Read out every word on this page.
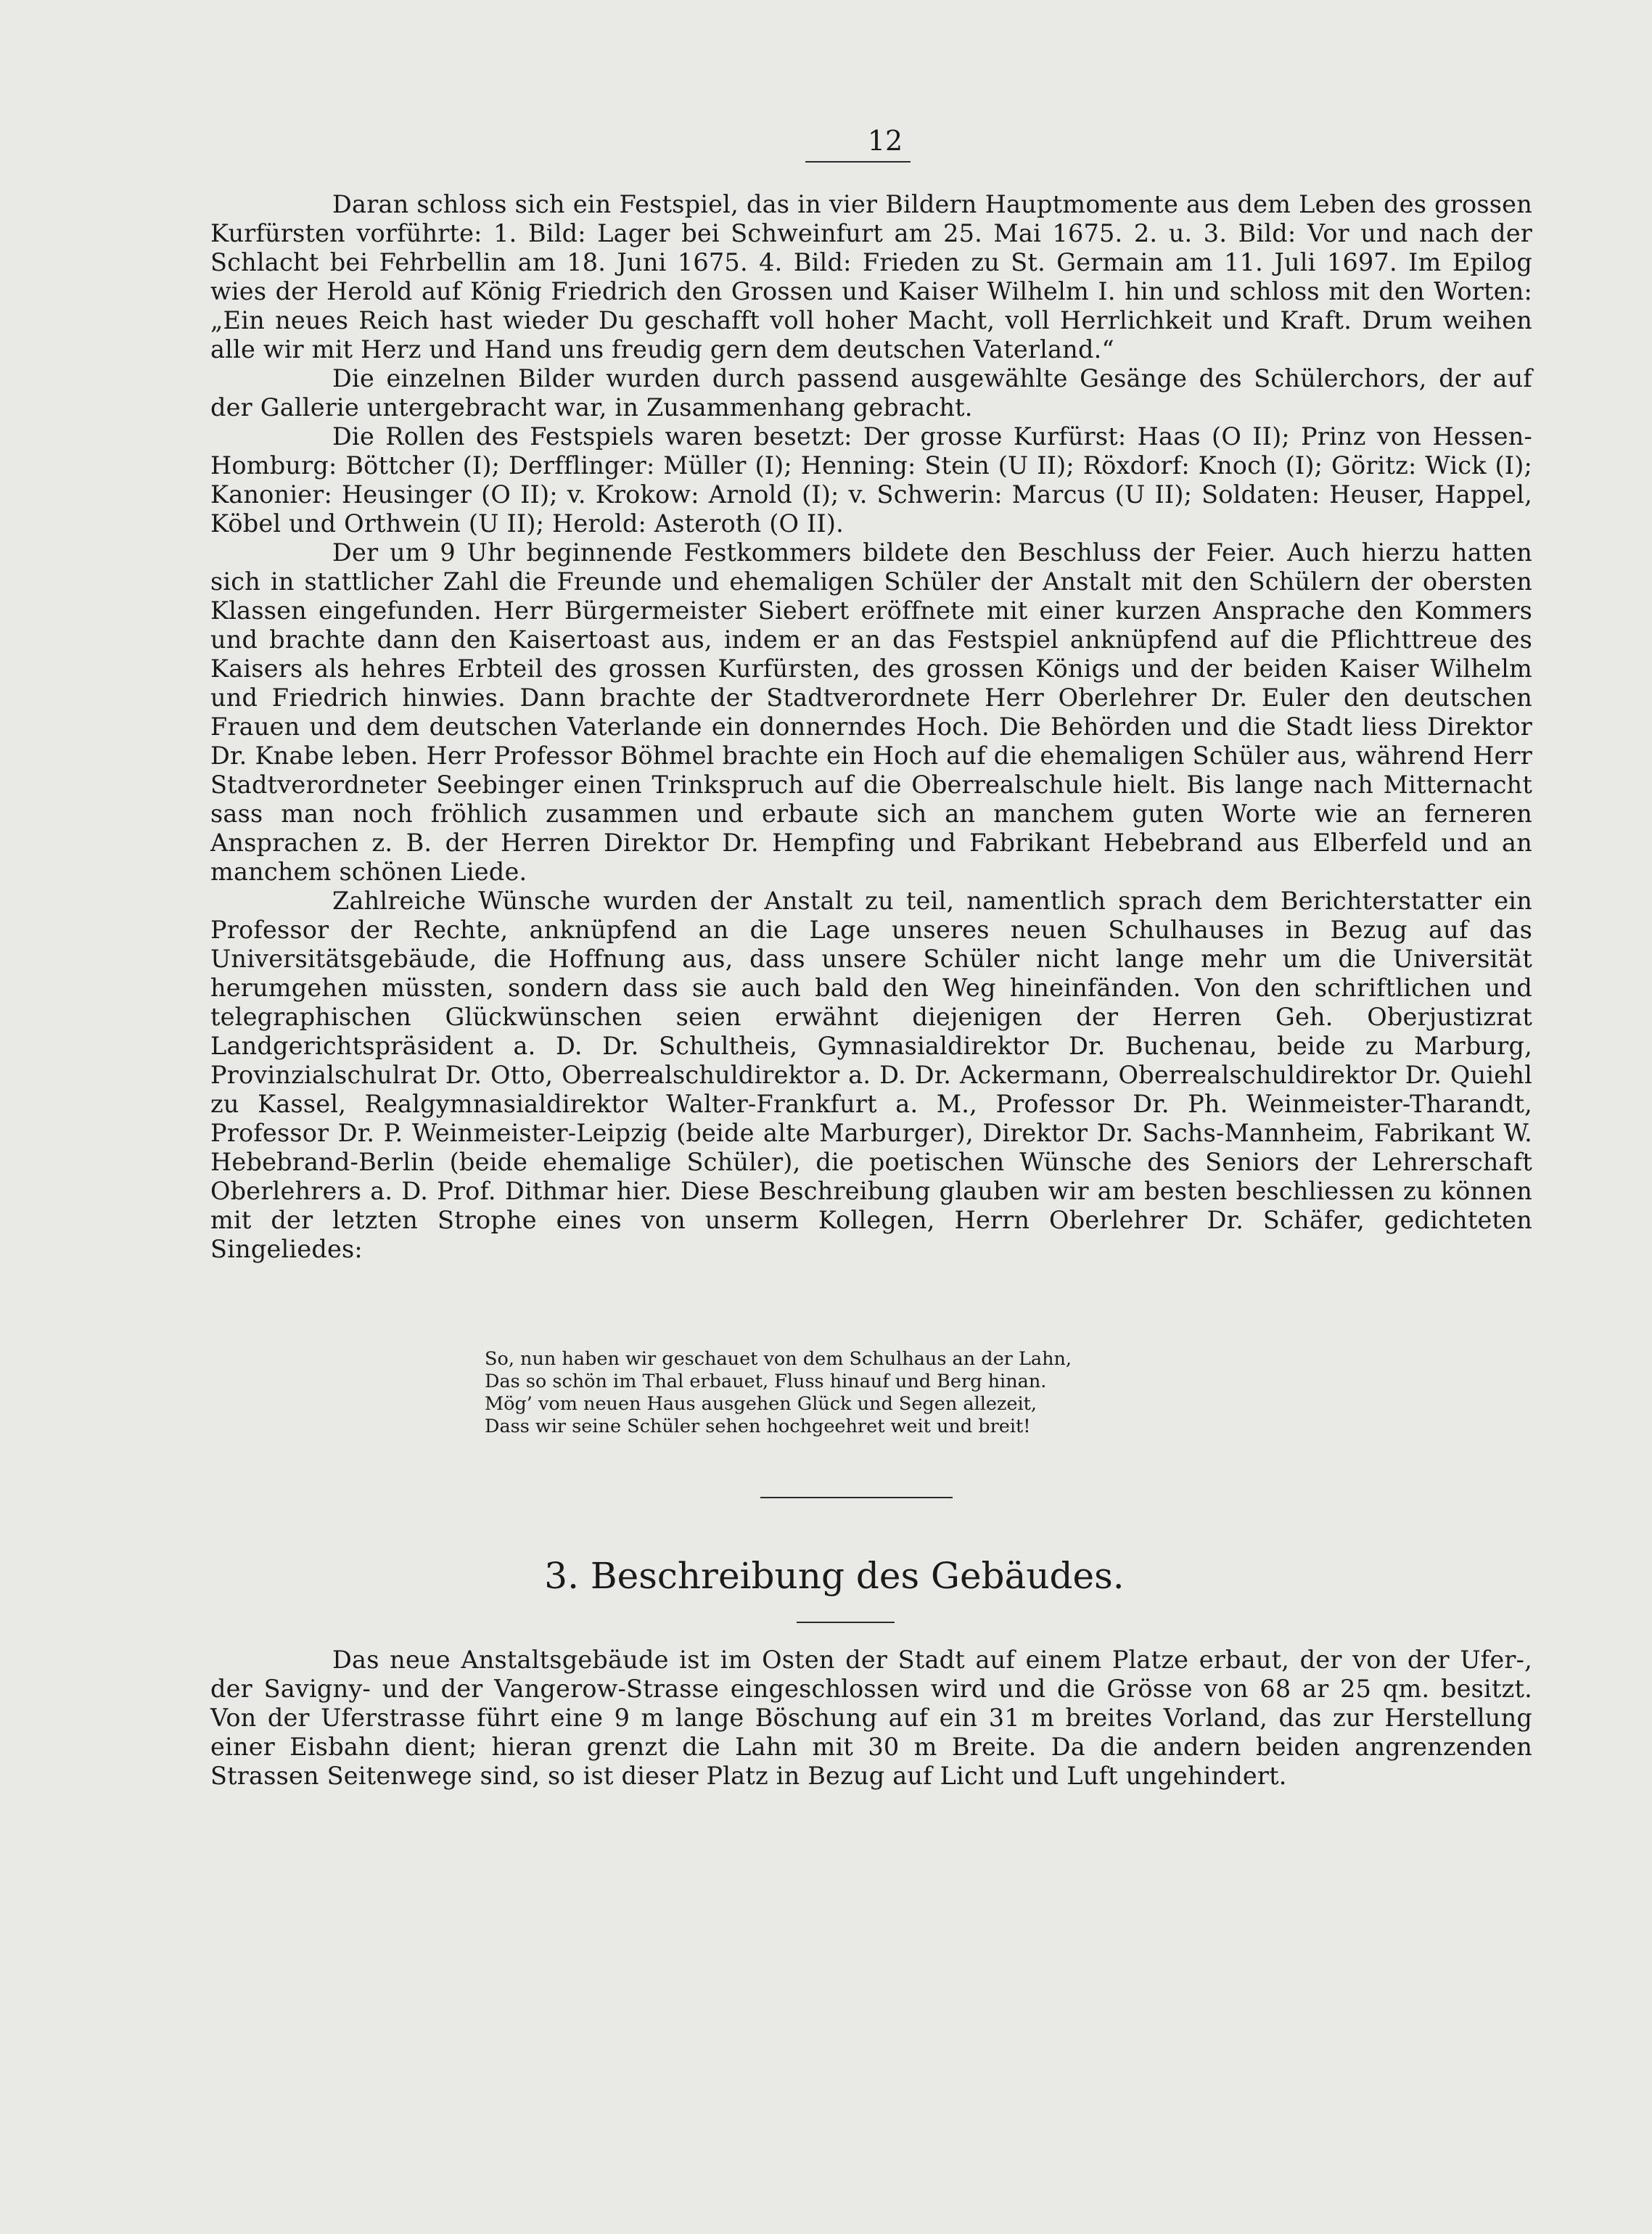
12

Daran schloss sich ein Festspiel, das in vier Bildern Hauptmomente aus dem Leben des grossen Kurfürsten vorführte: 1. Bild: Lager bei Schweinfurt am 25. Mai 1675. 2. u. 3. Bild: Vor und nach der Schlacht bei Fehrbellin am 18. Juni 1675. 4. Bild: Frieden zu St. Germain am 11. Juli 1697. Im Epilog wies der Herold auf König Friedrich den Grossen und Kaiser Wilhelm I. hin und schloss mit den Worten: „Ein neues Reich hast wieder Du geschafft voll hoher Macht, voll Herrlichkeit und Kraft. Drum weihen alle wir mit Herz und Hand uns freudig gern dem deutschen Vaterland.“

Die einzelnen Bilder wurden durch passend ausgewählte Gesänge des Schülerchors, der auf der Gallerie untergebracht war, in Zusammenhang gebracht.

Die Rollen des Festspiels waren besetzt: Der grosse Kurfürst: Haas (O II); Prinz von Hessen-Homburg: Böttcher (I); Derfflinger: Müller (I); Henning: Stein (U II); Röxdorf: Knoch (I); Göritz: Wick (I); Kanonier: Heusinger (O II); v. Krokow: Arnold (I); v. Schwerin: Marcus (U II); Soldaten: Heuser, Happel, Köbel und Orthwein (U II); Herold: Asteroth (O II).

Der um 9 Uhr beginnende Festkommers bildete den Beschluss der Feier. Auch hierzu hatten sich in stattlicher Zahl die Freunde und ehemaligen Schüler der Anstalt mit den Schülern der obersten Klassen eingefunden. Herr Bürgermeister Siebert eröffnete mit einer kurzen Ansprache den Kommers und brachte dann den Kaisertoast aus, indem er an das Festspiel anknüpfend auf die Pflichttreue des Kaisers als hehres Erbteil des grossen Kurfürsten, des grossen Königs und der beiden Kaiser Wilhelm und Friedrich hinwies. Dann brachte der Stadtverordnete Herr Oberlehrer Dr. Euler den deutschen Frauen und dem deutschen Vaterlande ein donnerndes Hoch. Die Behörden und die Stadt liess Direktor Dr. Knabe leben. Herr Professor Böhmel brachte ein Hoch auf die ehemaligen Schüler aus, während Herr Stadtverordneter Seebinger einen Trinkspruch auf die Oberrealschule hielt. Bis lange nach Mitternacht sass man noch fröhlich zusammen und erbaute sich an manchem guten Worte wie an ferneren Ansprachen z. B. der Herren Direktor Dr. Hempfing und Fabrikant Hebebrand aus Elberfeld und an manchem schönen Liede.

Zahlreiche Wünsche wurden der Anstalt zu teil, namentlich sprach dem Berichterstatter ein Professor der Rechte, anknüpfend an die Lage unseres neuen Schulhauses in Bezug auf das Universitätsgebäude, die Hoffnung aus, dass unsere Schüler nicht lange mehr um die Universität herumgehen müssten, sondern dass sie auch bald den Weg hineinfänden. Von den schriftlichen und telegraphischen Glückwünschen seien erwähnt diejenigen der Herren Geh. Oberjustizrat Landgerichtspräsident a. D. Dr. Schultheis, Gymnasialdirektor Dr. Buchenau, beide zu Marburg, Provinzialschulrat Dr. Otto, Oberrealschuldirektor a. D. Dr. Ackermann, Oberrealschuldirektor Dr. Quiehl zu Kassel, Realgymnasialdirektor Walter-Frankfurt a. M., Professor Dr. Ph. Weinmeister-Tharandt, Professor Dr. P. Weinmeister-Leipzig (beide alte Marburger), Direktor Dr. Sachs-Mannheim, Fabrikant W. Hebebrand-Berlin (beide ehemalige Schüler), die poetischen Wünsche des Seniors der Lehrerschaft Oberlehrers a. D. Prof. Dithmar hier. Diese Beschreibung glauben wir am besten beschliessen zu können mit der letzten Strophe eines von unserm Kollegen, Herrn Oberlehrer Dr. Schäfer, gedichteten Singeliedes:

So, nun haben wir geschauet von dem Schulhaus an der Lahn,
Das so schön im Thal erbauet, Fluss hinauf und Berg hinan.
Mög’ vom neuen Haus ausgehen Glück und Segen allezeit,
Dass wir seine Schüler sehen hochgeehret weit und breit!
3. Beschreibung des Gebäudes.

Das neue Anstaltsgebäude ist im Osten der Stadt auf einem Platze erbaut, der von der Ufer-, der Savigny- und der Vangerow-Strasse eingeschlossen wird und die Grösse von 68 ar 25 qm. besitzt. Von der Uferstrasse führt eine 9 m lange Böschung auf ein 31 m breites Vorland, das zur Herstellung einer Eisbahn dient; hieran grenzt die Lahn mit 30 m Breite. Da die andern beiden angrenzenden Strassen Seitenwege sind, so ist dieser Platz in Bezug auf Licht und Luft ungehindert.
